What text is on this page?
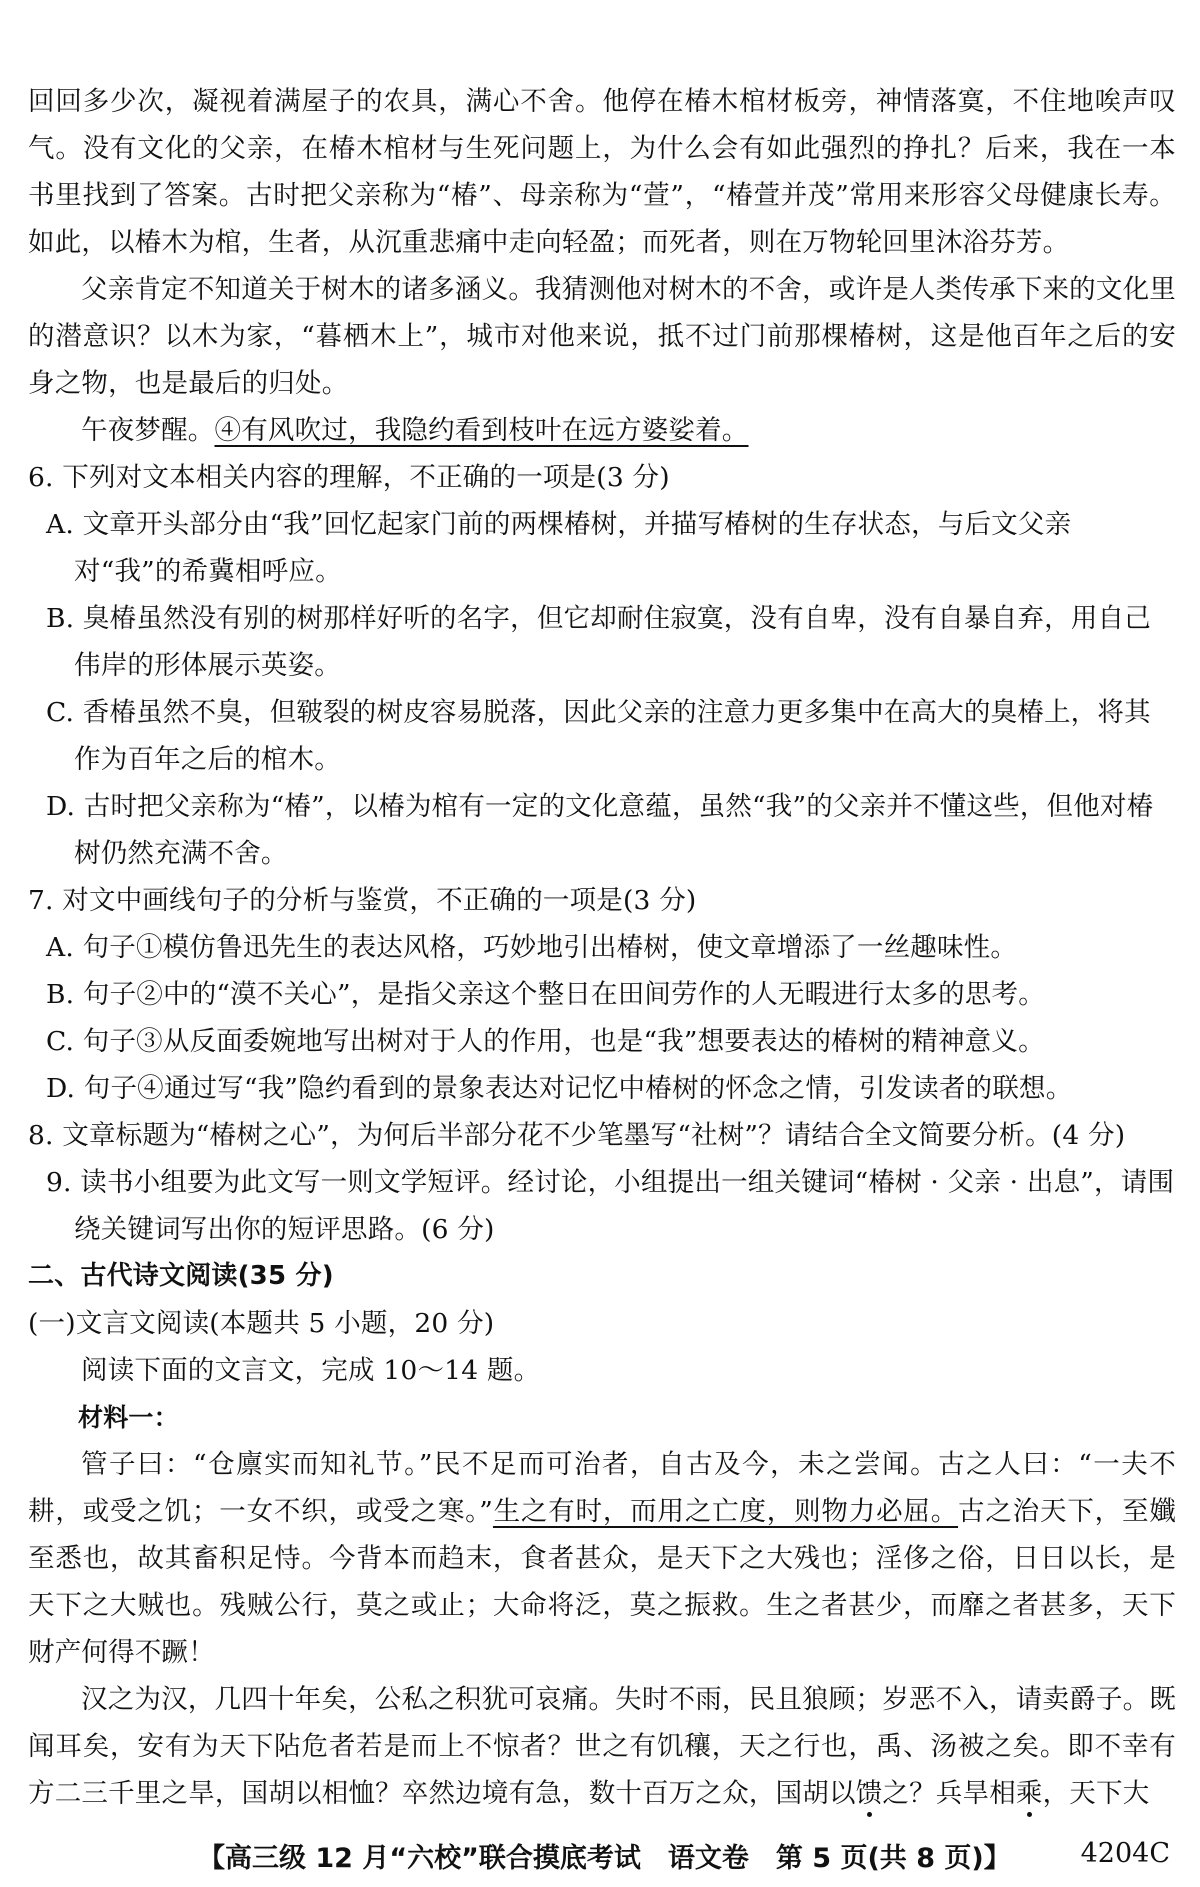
回回多少次，凝视着满屋子的农具，满心不舍。他停在椿木棺材板旁，神情落寞，不住地唉声叹气。没有文化的父亲，在椿木棺材与生死问题上，为什么会有如此强烈的挣扎？后来，我在一本书里找到了答案。古时把父亲称为“椿”、母亲称为“萱”，“椿萱并茂”常用来形容父母健康长寿。如此，以椿木为棺，生者，从沉重悲痛中走向轻盈；而死者，则在万物轮回里沐浴芬芳。

父亲肯定不知道关于树木的诸多涵义。我猜测他对树木的不舍，或许是人类传承下来的文化里的潜意识？以木为家，“暮栖木上”，城市对他来说，抵不过门前那棵椿树，这是他百年之后的安身之物，也是最后的归处。

午夜梦醒。④有风吹过，我隐约看到枝叶在远方婆娑着。

6. 下列对文本相关内容的理解，不正确的一项是(3 分)

A. 文章开头部分由“我”回忆起家门前的两棵椿树，并描写椿树的生存状态，与后文父亲对“我”的希冀相呼应。

B. 臭椿虽然没有别的树那样好听的名字，但它却耐住寂寞，没有自卑，没有自暴自弃，用自己伟岸的形体展示英姿。

C. 香椿虽然不臭，但皲裂的树皮容易脱落，因此父亲的注意力更多集中在高大的臭椿上，将其作为百年之后的棺木。

D. 古时把父亲称为“椿”，以椿为棺有一定的文化意蕴，虽然“我”的父亲并不懂这些，但他对椿树仍然充满不舍。

7. 对文中画线句子的分析与鉴赏，不正确的一项是(3 分)

A. 句子①模仿鲁迅先生的表达风格，巧妙地引出椿树，使文章增添了一丝趣味性。

B. 句子②中的“漠不关心”，是指父亲这个整日在田间劳作的人无暇进行太多的思考。

C. 句子③从反面委婉地写出树对于人的作用，也是“我”想要表达的椿树的精神意义。

D. 句子④通过写“我”隐约看到的景象表达对记忆中椿树的怀念之情，引发读者的联想。

8. 文章标题为“椿树之心”，为何后半部分花不少笔墨写“社树”？请结合全文简要分析。(4 分)

9. 读书小组要为此文写一则文学短评。经讨论，小组提出一组关键词“椿树 · 父亲 · 出息”，请围绕关键词写出你的短评思路。(6 分)

二、古代诗文阅读(35 分)

(一)文言文阅读(本题共 5 小题，20 分)

阅读下面的文言文，完成 10～14 题。

材料一：

管子曰：“仓廪实而知礼节。”民不足而可治者，自古及今，未之尝闻。古之人曰：“一夫不耕，或受之饥；一女不织，或受之寒。”生之有时，而用之亡度，则物力必屈。古之治天下，至孅至悉也，故其畜积足恃。今背本而趋末，食者甚众，是天下之大残也；淫侈之俗，日日以长，是天下之大贼也。残贼公行，莫之或止；大命将泛，莫之振救。生之者甚少，而靡之者甚多，天下财产何得不蹶！

汉之为汉，几四十年矣，公私之积犹可哀痛。失时不雨，民且狼顾；岁恶不入，请卖爵子。既闻耳矣，安有为天下阽危者若是而上不惊者？世之有饥穰，天之行也，禹、汤被之矣。即不幸有方二三千里之旱，国胡以相恤？卒然边境有急，数十百万之众，国胡以馈之？兵旱相乘，天下大

【高三级 12 月“六校”联合摸底考试　语文卷　第 5 页(共 8 页)】	4204C
